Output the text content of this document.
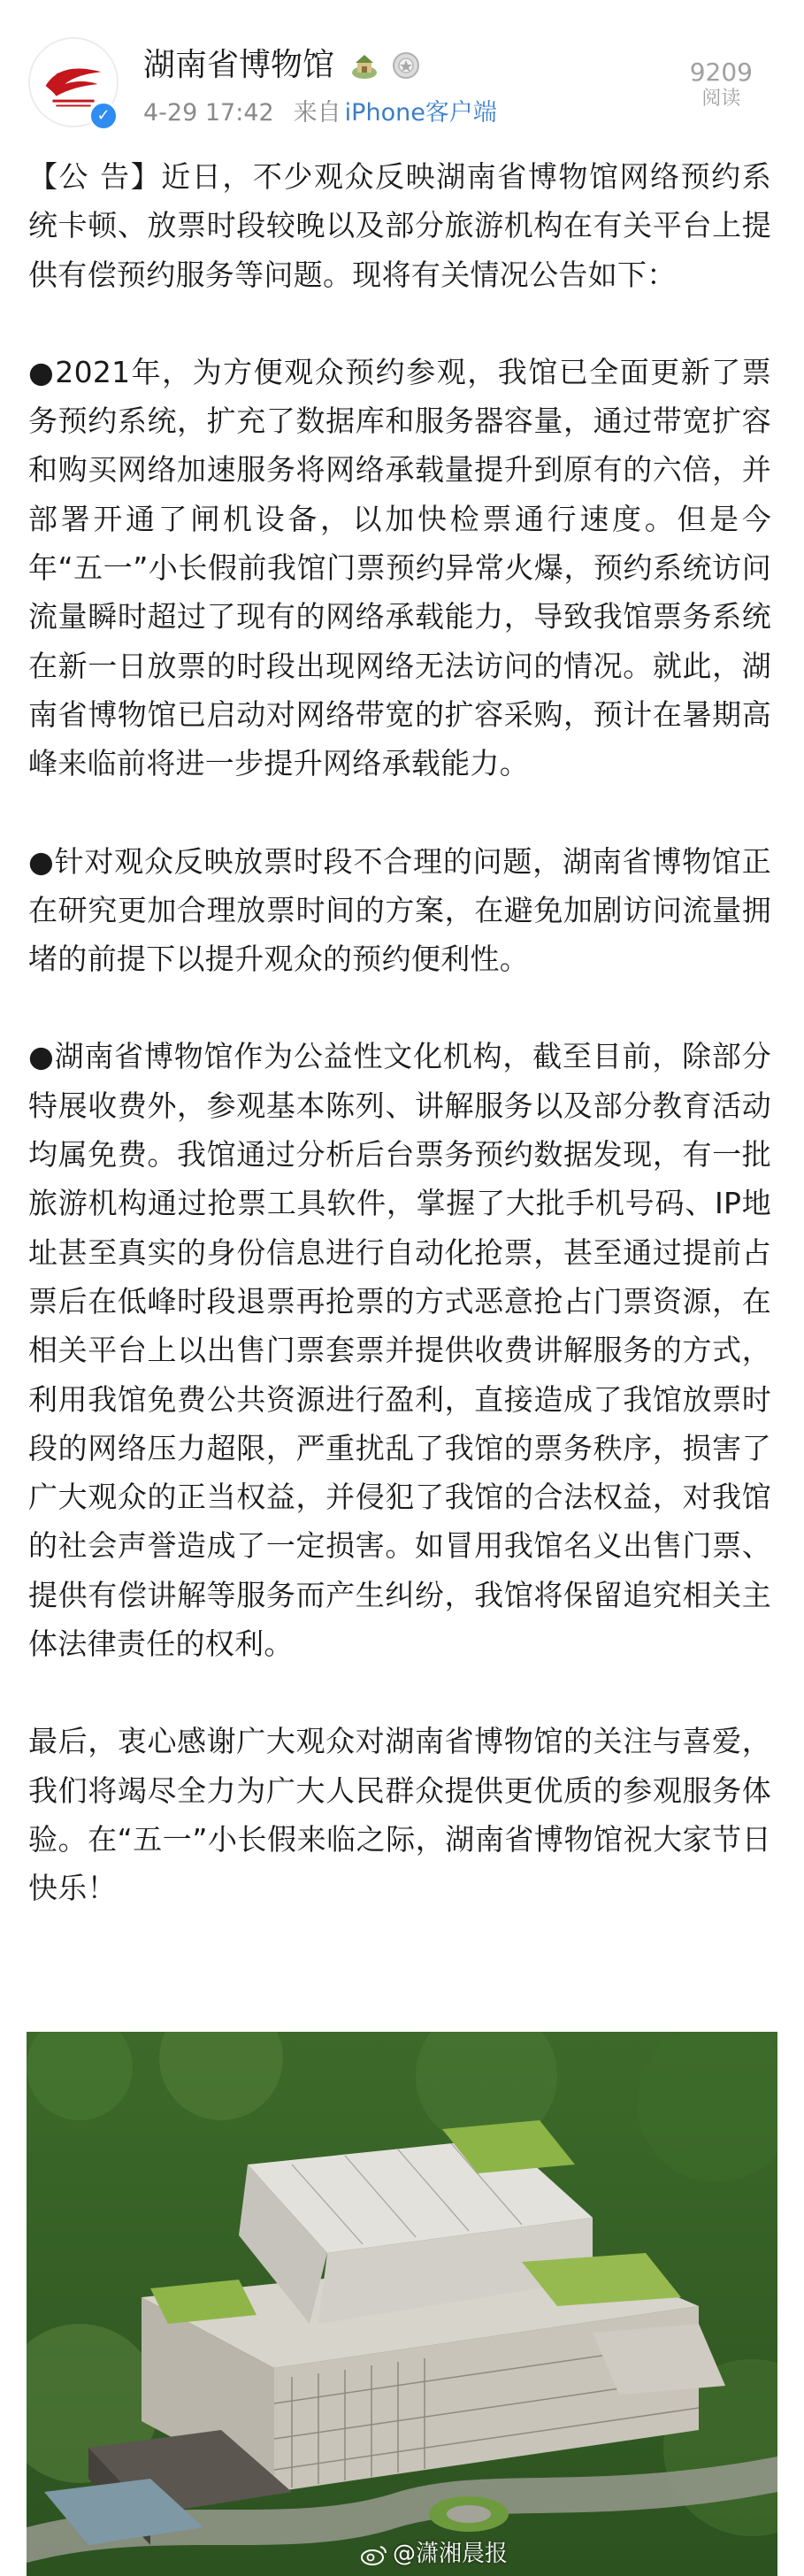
✓
湖南省博物馆

4-29 17:42 来自 iPhone客户端
9209
阅读

【公 告】近日，不少观众反映湖南省博物馆网络预约系统卡顿、放票时段较晚以及部分旅游机构在有关平台上提供有偿预约服务等问题。现将有关情况公告如下：

●2021年，为方便观众预约参观，我馆已全面更新了票务预约系统，扩充了数据库和服务器容量，通过带宽扩容和购买网络加速服务将网络承载量提升到原有的六倍，并部署开通了闸机设备，以加快检票通行速度。但是今年“五一”小长假前我馆门票预约异常火爆，预约系统访问流量瞬时超过了现有的网络承载能力，导致我馆票务系统在新一日放票的时段出现网络无法访问的情况。就此，湖南省博物馆已启动对网络带宽的扩容采购，预计在暑期高峰来临前将进一步提升网络承载能力。

●针对观众反映放票时段不合理的问题，湖南省博物馆正在研究更加合理放票时间的方案，在避免加剧访问流量拥堵的前提下以提升观众的预约便利性。

●湖南省博物馆作为公益性文化机构，截至目前，除部分特展收费外，参观基本陈列、讲解服务以及部分教育活动均属免费。我馆通过分析后台票务预约数据发现，有一批旅游机构通过抢票工具软件，掌握了大批手机号码、IP地址甚至真实的身份信息进行自动化抢票，甚至通过提前占票后在低峰时段退票再抢票的方式恶意抢占门票资源，在相关平台上以出售门票套票并提供收费讲解服务的方式，利用我馆免费公共资源进行盈利，直接造成了我馆放票时段的网络压力超限，严重扰乱了我馆的票务秩序，损害了广大观众的正当权益，并侵犯了我馆的合法权益，对我馆的社会声誉造成了一定损害。如冒用我馆名义出售门票、提供有偿讲解等服务而产生纠纷，我馆将保留追究相关主体法律责任的权利。

最后，衷心感谢广大观众对湖南省博物馆的关注与喜爱，我们将竭尽全力为广大人民群众提供更优质的参观服务体验。在“五一”小长假来临之际，湖南省博物馆祝大家节日快乐！

@潇湘晨报
